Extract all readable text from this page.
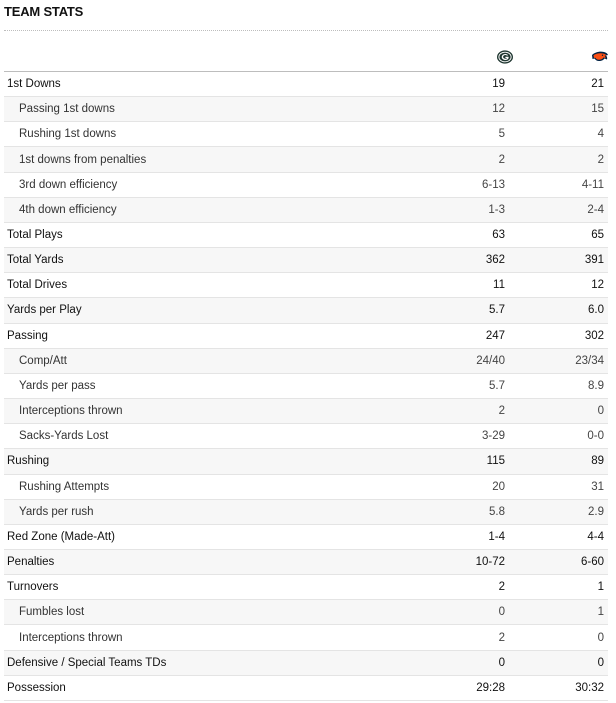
TEAM STATS
1st Downs	19	21
Passing 1st downs	12	15
Rushing 1st downs	5	4
1st downs from penalties	2	2
3rd down efficiency	6-13	4-11
4th down efficiency	1-3	2-4
Total Plays	63	65
Total Yards	362	391
Total Drives	11	12
Yards per Play	5.7	6.0
Passing	247	302
Comp/Att	24/40	23/34
Yards per pass	5.7	8.9
Interceptions thrown	2	0
Sacks-Yards Lost	3-29	0-0
Rushing	115	89
Rushing Attempts	20	31
Yards per rush	5.8	2.9
Red Zone (Made-Att)	1-4	4-4
Penalties	10-72	6-60
Turnovers	2	1
Fumbles lost	0	1
Interceptions thrown	2	0
Defensive / Special Teams TDs	0	0
Possession	29:28	30:32
